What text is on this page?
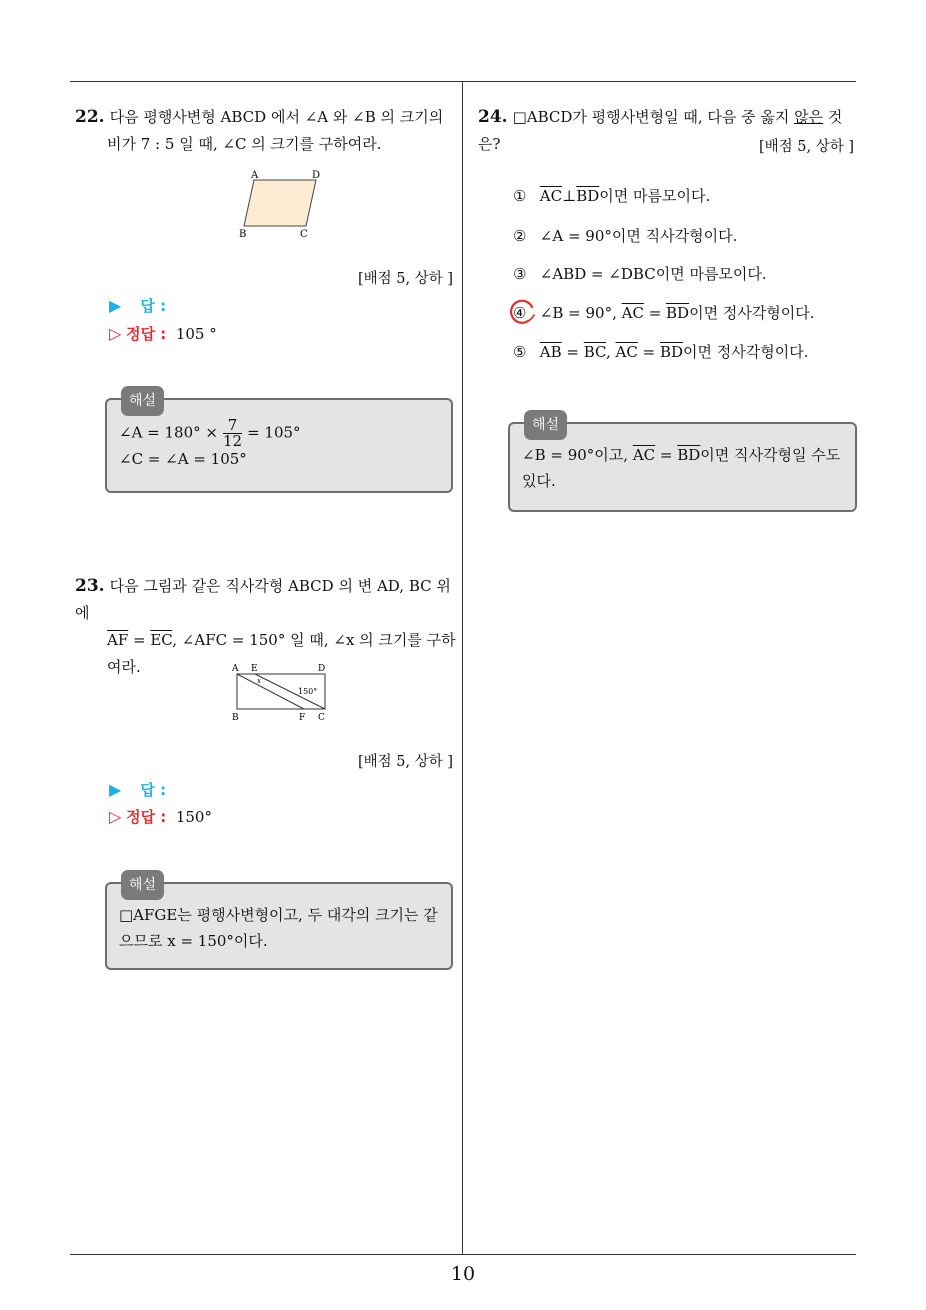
10
22. 다음 평행사변형 ABCD 에서 ∠A 와 ∠B 의 크기의
비가 7 : 5 일 때, ∠C 의 크기를 구하여라.
A	D
B	C
[배점 5, 상하 ]
▶ 답 :
▷ 정답 : 105 °
해설
∠A = $180^\circ \times \frac{7}{12} = 105^\circ$
∠C = ∠A = 105°
23. 다음 그림과 같은 직사각형 ABCD 의 변 AD, BC 위에
$\overline{AF} = \overline{EC}$, ∠AFC = 150° 일 때, ∠x 의 크기를 구하
여라.	A E	D
B	F C
x
150°
[배점 5, 상하 ]
▶ 답 :
▷ 정답 : 150°
해설
□AFGE는 평행사변형이고, 두 대각의 크기는 같
으므로 x = 150°이다.
24. □ABCD가 평행사변형일 때, 다음 중 옳지 않은 것은?	[배점 5, 상하 ]
① $\overline{AC}\perp\overline{BD}$이면 마름모이다.
② ∠A = 90°이면 직사각형이다.
③ ∠ABD = ∠DBC이면 마름모이다.
④ ∠B = 90°, $\overline{AC} = \overline{BD}$이면 정사각형이다.
⑤ $\overline{AB} = \overline{BC}$, $\overline{AC} = \overline{BD}$이면 정사각형이다.
해설
∠B = 90°이고, $\overline{AC} = \overline{BD}$이면 직사각형일 수도
있다.
